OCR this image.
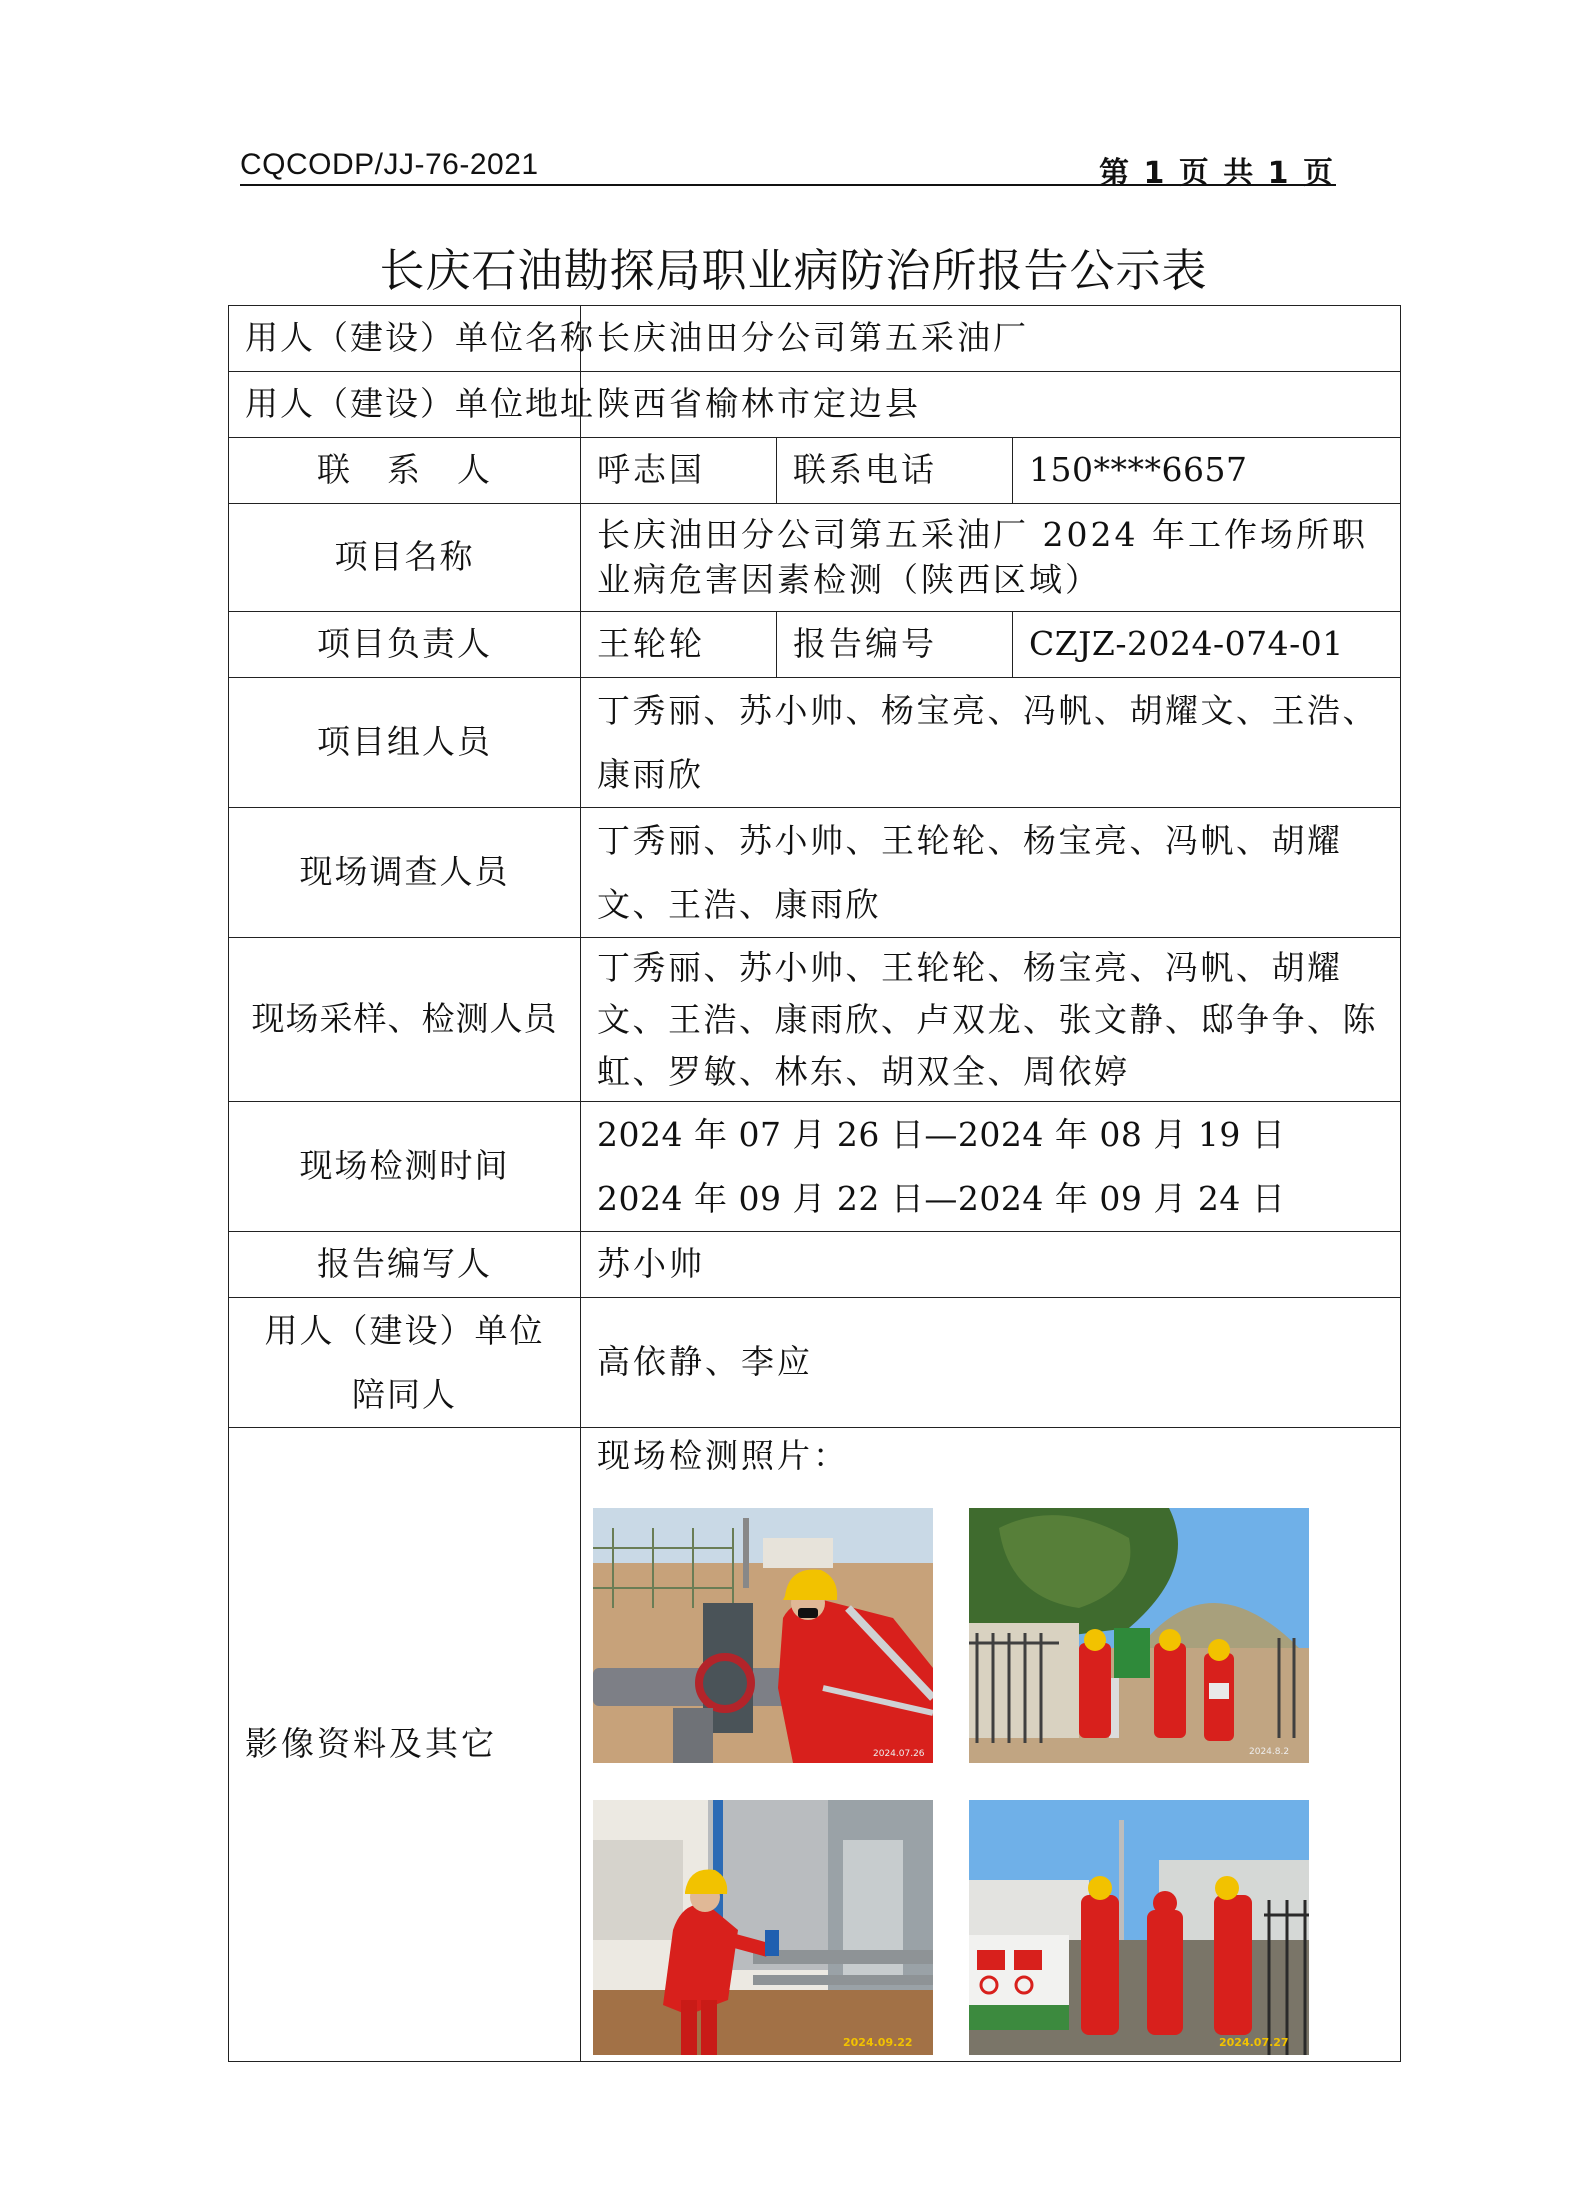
CQCODP/JJ-76-2021	第 1 页 共 1 页
长庆石油勘探局职业病防治所报告公示表
用人（建设）单位名称	长庆油田分公司第五采油厂		
用人（建设）单位地址	陕西省榆林市定边县		
联　系　人	呼志国	联系电话	150****6657
项目名称	长庆油田分公司第五采油厂 2024 年工作场所职业病危害因素检测（陕西区域）		
项目负责人	王轮轮	报告编号	CZJZ-2024-074-01
项目组人员	丁秀丽、苏小帅、杨宝亮、冯帆、胡耀文、王浩、康雨欣		
现场调查人员	丁秀丽、苏小帅、王轮轮、杨宝亮、冯帆、胡耀文、王浩、康雨欣		
现场采样、检测人员	丁秀丽、苏小帅、王轮轮、杨宝亮、冯帆、胡耀文、王浩、康雨欣、卢双龙、张文静、邸争争、陈虹、罗敏、林东、胡双全、周依婷		
现场检测时间	2024 年 07 月 26 日—2024 年 08 月 19 日
2024 年 09 月 22 日—2024 年 09 月 24 日		

报告编写人	苏小帅		
用人（建设）单位陪同人	高依静、李应		
影像资料及其它	现场检测照片：
2024.07.26 2024.8.2
2024.09.22 2024.07.27		
